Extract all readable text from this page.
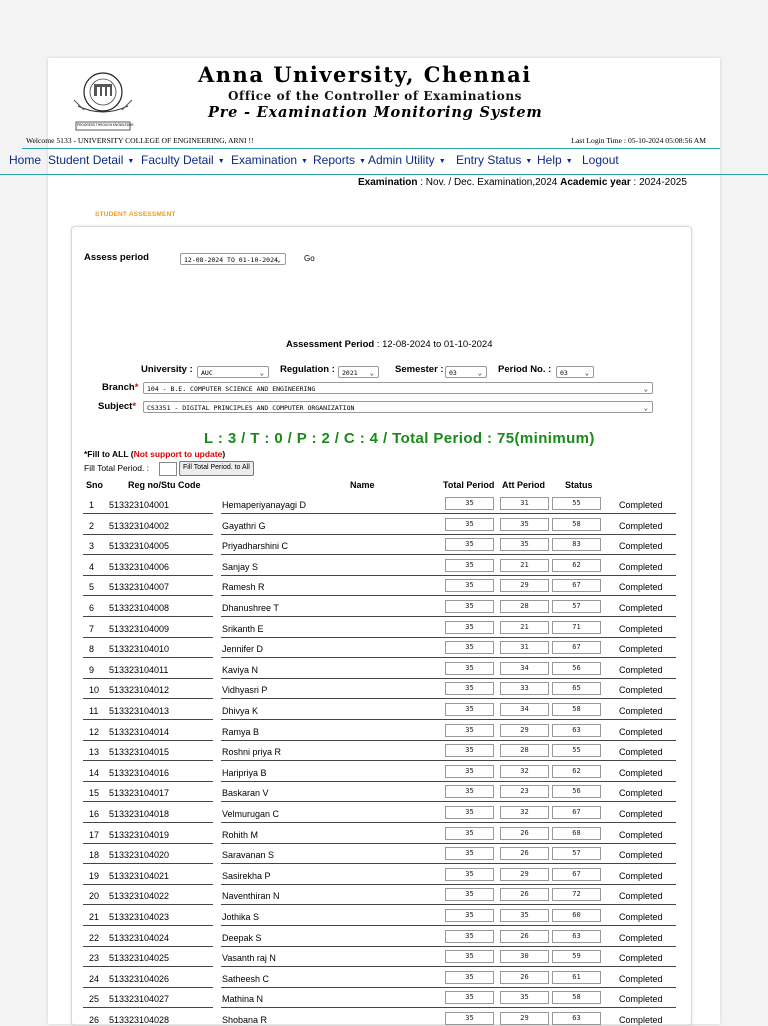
PROGRESS THROUGH KNOWLEDGE
Anna University, Chennai
Office of the Controller of Examinations
Pre - Examination Monitoring System
Welcome 5133 - UNIVERSITY COLLEGE OF ENGINEERING, ARNI !!	Last Login Time : 05-10-2024 05:08:56 AM
Home Student Detail ▼ Faculty Detail ▼ Examination ▼ Reports ▼ Admin Utility ▼ Entry Status ▼ Help ▼ Logout
Examination : Nov. / Dec. Examination,2024 Academic year : 2024-2025
STUDENT ASSESSMENT
Assess period	12-08-2024 TO 01-10-2024
⌄	Go
Assessment Period : 12-08-2024 to 01-10-2024
University :	AUC	⌄ Regulation :	2021 ⌄ Semester : 03	⌄ Period No. :	03 ⌄
Branch*	104 - B.E. COMPUTER SCIENCE AND ENGINEERING	⌄
Subject*	CS3351 - DIGITAL PRINCIPLES AND COMPUTER ORGANIZATION	⌄
L : 3 / T : 0 / P : 2 / C : 4 / Total Period : 75(minimum)
*Fill to ALL (Not support to update)
Fill Total Period. :	Fill Total Period. to All
Sno	Reg no/Stu Code	Name	Total Period Att Period Status
1 513323104001	Hemaperiyanayagi D	35	31	55	Completed
2 513323104002	Gayathri G	35	35	58	Completed
3 513323104005	Priyadharshini C	35	35	83	Completed
4 513323104006	Sanjay S	35	21	62	Completed
5 513323104007	Ramesh R	35	29	67	Completed
6 513323104008	Dhanushree T	35	28	57	Completed
7 513323104009	Srikanth E	35	21	71	Completed
8 513323104010	Jennifer D	35	31	67	Completed
9 513323104011	Kaviya N	35	34	56	Completed
10 513323104012	Vidhyasri P	35	33	65	Completed
11 513323104013	Dhivya K	35	34	58	Completed
12 513323104014	Ramya B	35	29	63	Completed
13 513323104015	Roshni priya R	35	28	55	Completed
14 513323104016	Haripriya B	35	32	62	Completed
15 513323104017	Baskaran V	35	23	56	Completed
16 513323104018	Velmurugan C	35	32	67	Completed
17 513323104019	Rohith M	35	26	68	Completed
18 513323104020	Saravanan S	35	26	57	Completed
19 513323104021	Sasirekha P	35	29	67	Completed
20 513323104022	Naventhiran N	35	26	72	Completed
21 513323104023	Jothika S	35	35	60	Completed
22 513323104024	Deepak S	35	26	63	Completed
23 513323104025	Vasanth raj N	35	30	59	Completed
24 513323104026	Satheesh C	35	26	61	Completed
25 513323104027	Mathina N	35	35	58	Completed
26 513323104028	Shobana R	35	29	63	Completed
